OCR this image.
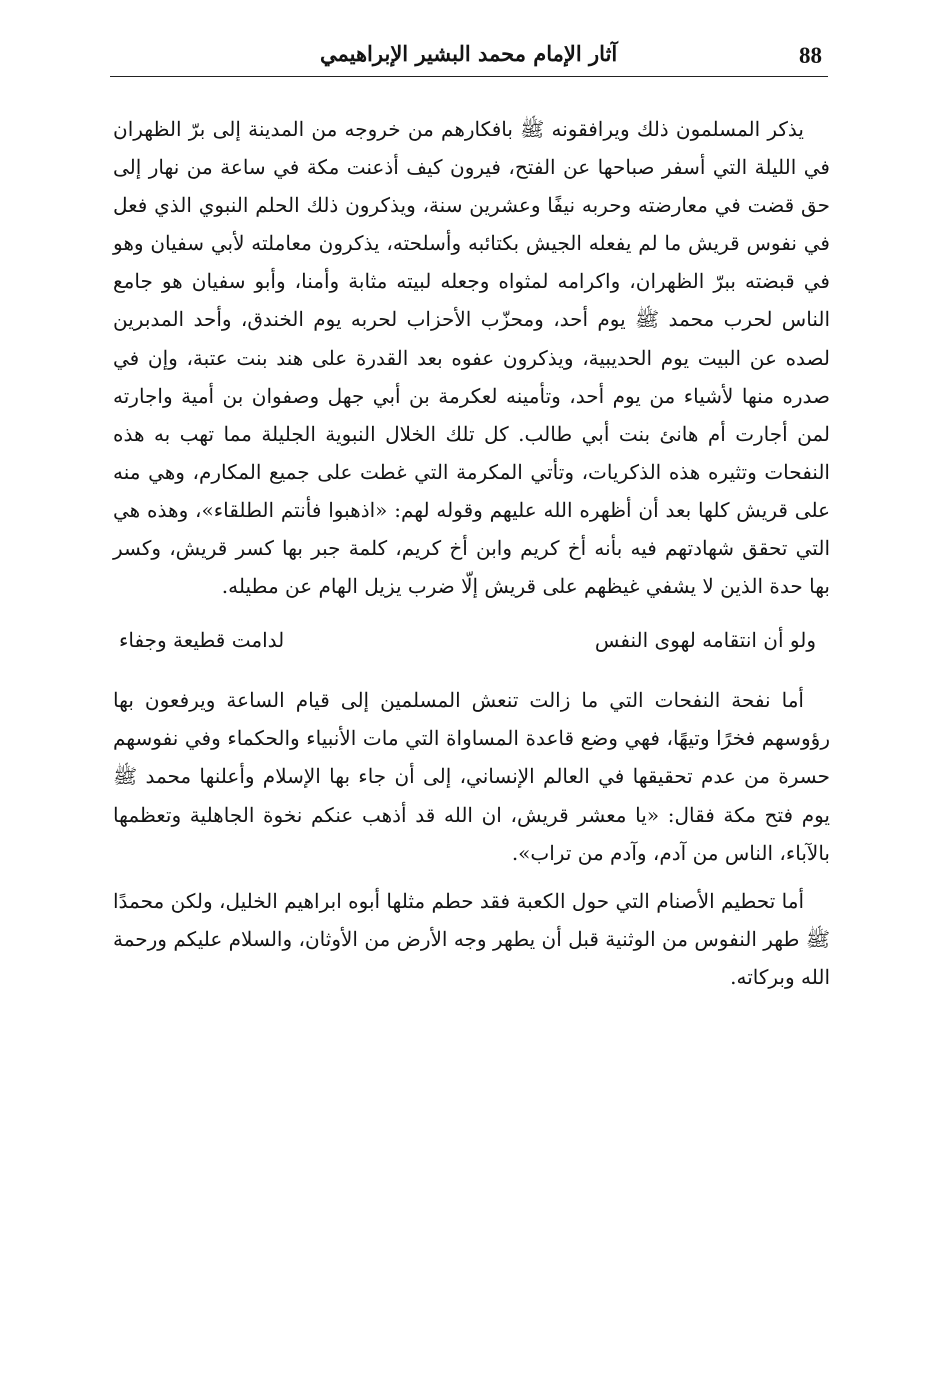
88
آثار الإمام محمد البشير الإبراهيمي

يذكر المسلمون ذلك ويرافقونه ﷺ بافكارهم من خروجه من المدينة إلى برّ الظهران في الليلة التي أسفر صباحها عن الفتح، فيرون كيف أذعنت مكة في ساعة من نهار إلى حق قضت في معارضته وحربه نيفًا وعشرين سنة، ويذكرون ذلك الحلم النبوي الذي فعل في نفوس قريش ما لم يفعله الجيش بكتائبه وأسلحته، يذكرون معاملته لأبي سفيان وهو في قبضته ببرّ الظهران، واكرامه لمثواه وجعله لبيته مثابة وأمنا، وأبو سفيان هو جامع الناس لحرب محمد ﷺ يوم أحد، ومحزّب الأحزاب لحربه يوم الخندق، وأحد المدبرين لصده عن البيت يوم الحديبية، ويذكرون عفوه بعد القدرة على هند بنت عتبة، وإن في صدره منها لأشياء من يوم أحد، وتأمينه لعكرمة بن أبي جهل وصفوان بن أمية واجارته لمن أجارت أم هانئ بنت أبي طالب. كل تلك الخلال النبوية الجليلة مما تهب به هذه النفحات وتثيره هذه الذكريات، وتأتي المكرمة التي غطت على جميع المكارم، وهي منه على قريش كلها بعد أن أظهره الله عليهم وقوله لهم: «اذهبوا فأنتم الطلقاء»، وهذه هي التي تحقق شهادتهم فيه بأنه أخ كريم وابن أخ كريم، كلمة جبر بها كسر قريش، وكسر بها حدة الذين لا يشفي غيظهم على قريش إلّا ضرب يزيل الهام عن مطيله.

ولو أن انتقامه لهوى النفس
لدامت قطيعة وجفاء

أما نفحة النفحات التي ما زالت تنعش المسلمين إلى قيام الساعة ويرفعون بها رؤوسهم فخرًا وتيهًا، فهي وضع قاعدة المساواة التي مات الأنبياء والحكماء وفي نفوسهم حسرة من عدم تحقيقها في العالم الإنساني، إلى أن جاء بها الإسلام وأعلنها محمد ﷺ يوم فتح مكة فقال: «يا معشر قريش، ان الله قد أذهب عنكم نخوة الجاهلية وتعظمها بالآباء، الناس من آدم، وآدم من تراب».

أما تحطيم الأصنام التي حول الكعبة فقد حطم مثلها أبوه ابراهيم الخليل، ولكن محمدًا ﷺ طهر النفوس من الوثنية قبل أن يطهر وجه الأرض من الأوثان، والسلام عليكم ورحمة الله وبركاته.
